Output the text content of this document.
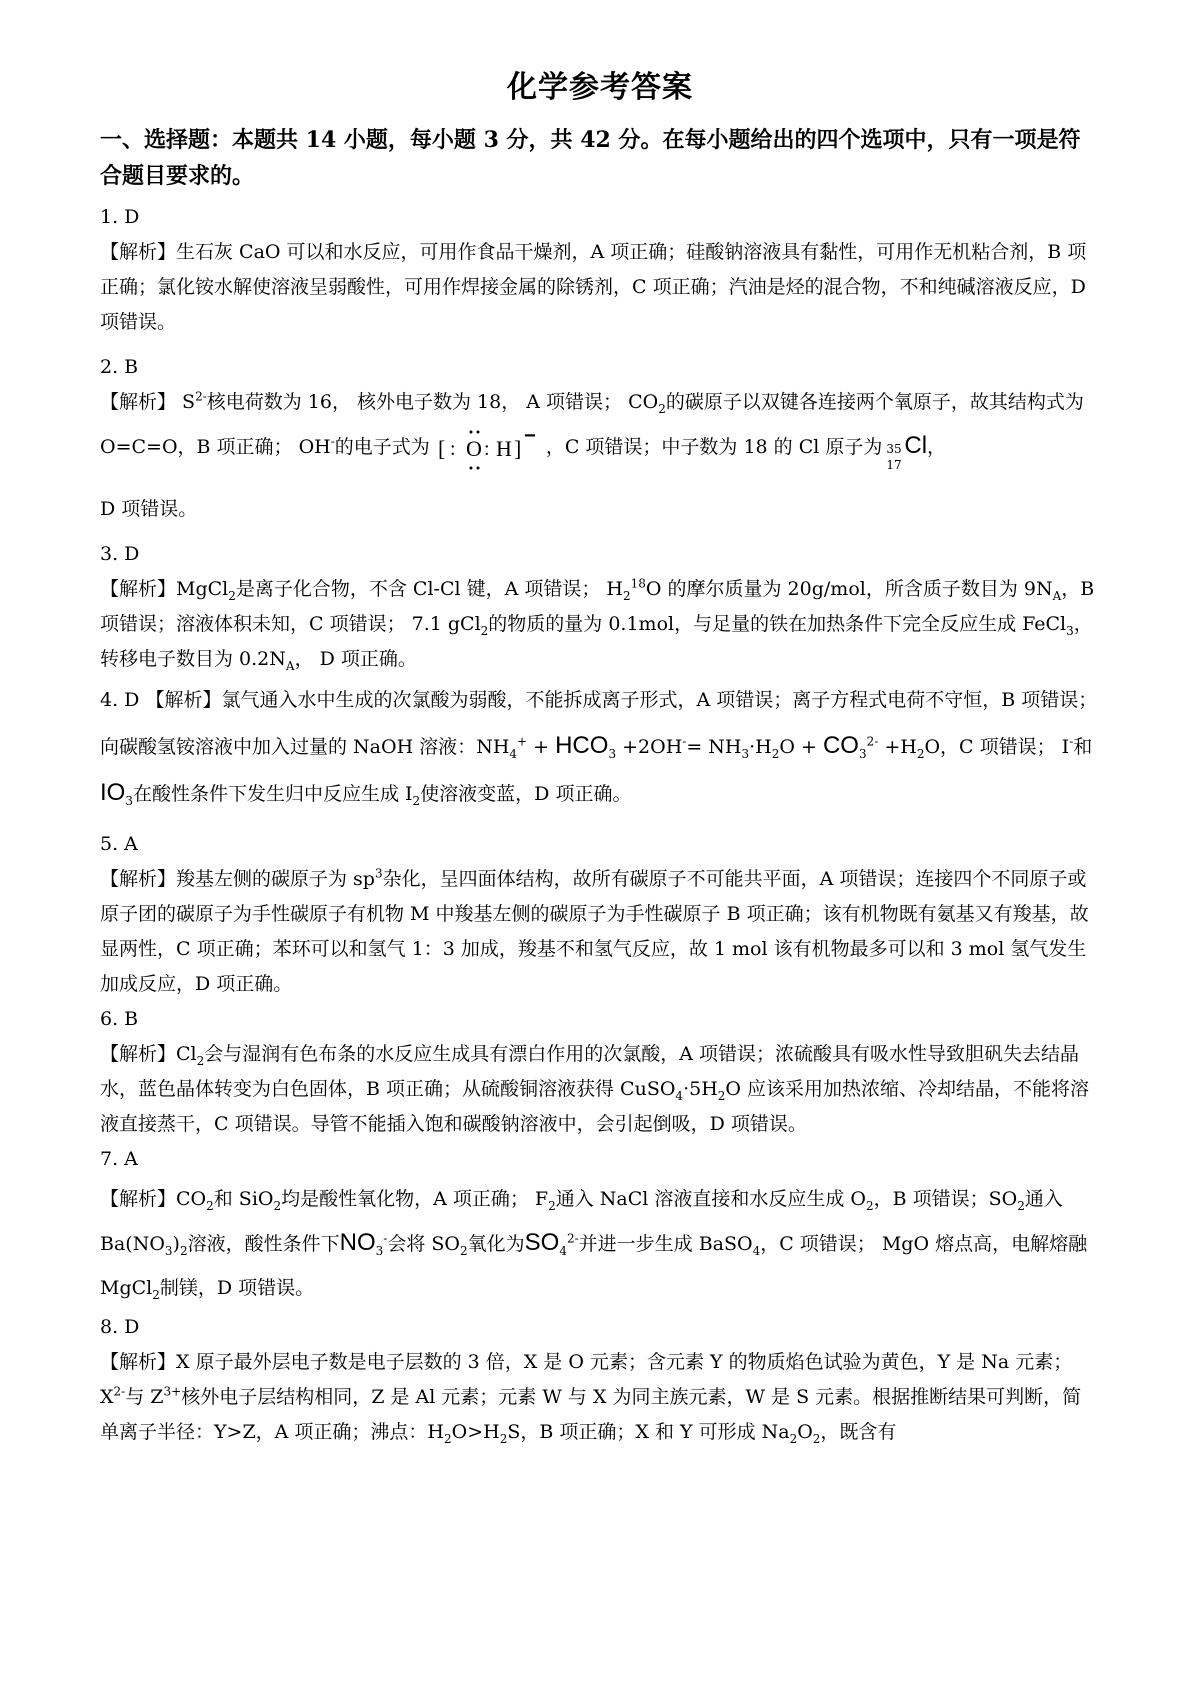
化学参考答案
一、选择题：本题共 14 小题，每小题 3 分，共 42 分。在每小题给出的四个选项中，只有一项是符合题目要求的。

1. D

【解析】生石灰 CaO 可以和水反应，可用作食品干燥剂，A 项正确；硅酸钠溶液具有黏性，可用作无机粘合剂，B 项正确；氯化铵水解使溶液呈弱酸性，可用作焊接金属的除锈剂，C 项正确；汽油是烃的混合物，不和纯碱溶液反应，D 项错误。

2. B

【解析】 $S^{2-}$核电荷数为 16， 核外电子数为 18， A 项错误； $CO_2$的碳原子以双键各连接两个氧原子，故其结构式为 O=C=O，B 项正确； OH-的电子式为 [ : O : H ] − ，C 项错误；中子数为 18 的 Cl 原子为 35
17
Cl，

D 项错误。

3. D

【解析】MgCl$_2$是离子化合物，不含 Cl-Cl 键，A 项错误； $H_2^{18}O$ 的摩尔质量为 20g/mol，所含质子数目为 $9N_A$，B 项错误；溶液体积未知，C 项错误； 7.1 gCl$_2$的物质的量为 0.1mol，与足量的铁在加热条件下完全反应生成 FeCl$_3$，转移电子数目为 $0.2N_A$， D 项正确。

4. D 【解析】氯气通入水中生成的次氯酸为弱酸，不能拆成离子形式，A 项错误；离子方程式电荷不守恒，B 项错误；向碳酸氢铵溶液中加入过量的 NaOH 溶液：$NH_4^+ + HCO_3 +2OH^-= NH_3\cdot H_2O + CO_3^{2-} +H_2O$，C 项错误； I-和$IO_3$在酸性条件下发生归中反应生成 $I_2$使溶液变蓝，D 项正确。

5. A

【解析】羧基左侧的碳原子为 $sp^3$杂化，呈四面体结构，故所有碳原子不可能共平面，A 项错误；连接四个不同原子或原子团的碳原子为手性碳原子有机物 M 中羧基左侧的碳原子为手性碳原子 B 项正确；该有机物既有氨基又有羧基，故显两性，C 项正确；苯环可以和氢气 1：3 加成，羧基不和氢气反应，故 1 mol 该有机物最多可以和 3 mol 氢气发生加成反应，D 项正确。

6. B

【解析】$Cl_2$会与湿润有色布条的水反应生成具有漂白作用的次氯酸，A 项错误；浓硫酸具有吸水性导致胆矾失去结晶水，蓝色晶体转变为白色固体，B 项正确；从硫酸铜溶液获得 $CuSO_4\cdot 5H_2O$ 应该采用加热浓缩、冷却结晶，不能将溶液直接蒸干，C 项错误。导管不能插入饱和碳酸钠溶液中，会引起倒吸，D 项错误。

7. A

【解析】$CO_2$和 SiO$_2$均是酸性氧化物，A 项正确； $F_2$通入 NaCl 溶液直接和水反应生成 $O_2$，B 项错误；$SO_2$通入 $Ba(NO_3)_2$溶液，酸性条件下$NO_3^-$会将 $SO_2$氧化为$SO_4^{2-}$并进一步生成 BaSO$_4$，C 项错误； MgO 熔点高，电解熔融 MgCl$_2$制镁，D 项错误。

8. D

【解析】X 原子最外层电子数是电子层数的 3 倍，X 是 O 元素；含元素 Y 的物质焰色试验为黄色，Y 是 Na 元素； $X^{2-}$与 $Z^{3+}$核外电子层结构相同，Z 是 Al 元素；元素 W 与 X 为同主族元素，W 是 S 元素。根据推断结果可判断，简单离子半径：Y>Z，A 项正确；沸点：$H_2O>H_2S$，B 项正确；X 和 Y 可形成 $Na_2O_2$，既含有
